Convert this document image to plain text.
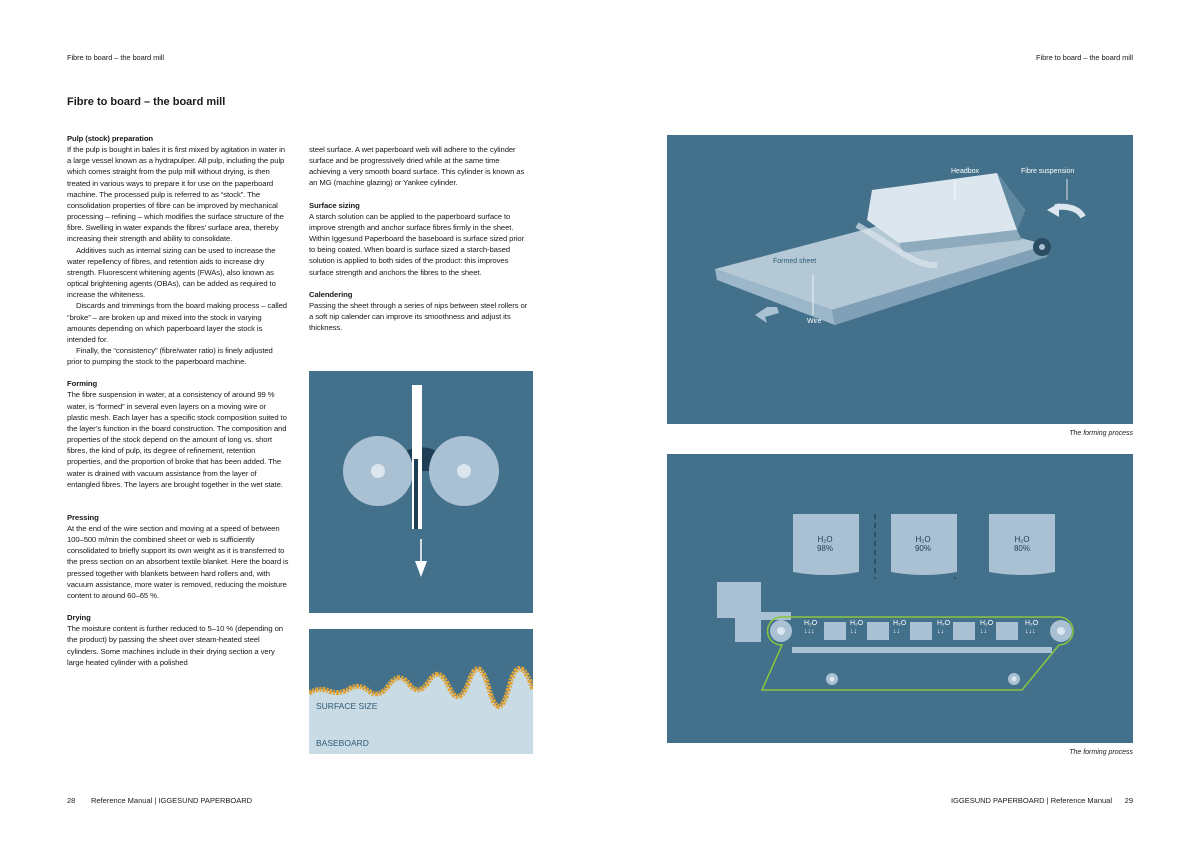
Fibre to board – the board mill	Fibre to board – the board mill
Fibre to board – the board mill
Pulp (stock) preparation

If the pulp is bought in bales it is first mixed by agitation in water in a large vessel known as a hydrapulper. All pulp, including the pulp which comes straight from the pulp mill without drying, is then treated in various ways to prepare it for use on the paperboard machine. The processed pulp is referred to as “stock”. The consolidation properties of fibre can be improved by mechanical processing – refining – which modifies the surface structure of the fibre. Swelling in water expands the fibres’ surface area, thereby increasing their strength and ability to consolidate.

Additives such as internal sizing can be used to increase the water repellency of fibres, and retention aids to increase dry strength. Fluorescent whitening agents (FWAs), also known as optical brightening agents (OBAs), can be added as required to increase the whiteness.

Discards and trimmings from the board making process – called “broke” – are broken up and mixed into the stock in varying amounts depending on which paperboard layer the stock is intended for.

Finally, the “consistency” (fibre/water ratio) is finely adjusted prior to pumping the stock to the paperboard machine.

Forming

The fibre suspension in water, at a consistency of around 99 % water, is “formed” in several even layers on a moving wire or plastic mesh. Each layer has a specific stock composition suited to the layer’s function in the board construction. The composition and properties of the stock depend on the amount of long vs. short fibres, the kind of pulp, its degree of refinement, retention properties, and the proportion of broke that has been added. The water is drained with vacuum assistance from the layer of entangled fibres. The layers are brought together in the wet state.

Pressing

At the end of the wire section and moving at a speed of between 100–500 m/min the combined sheet or web is sufficiently consolidated to briefly support its own weight as it is transferred to the press section on an absorbent textile blanket. Here the board is pressed together with blankets between hard rollers and, with vacuum assistance, more water is removed, reducing the moisture content to around 60–65 %.

Drying

The moisture content is further reduced to 5–10 % (depending on the product) by passing the sheet over steam-heated steel cylinders. Some machines include in their drying section a very large heated cylinder with a polished

steel surface. A wet paperboard web will adhere to the cylinder surface and be progressively dried while at the same time achieving a very smooth board surface. This cylinder is known as an MG (machine glazing) or Yankee cylinder.

Surface sizing

A starch solution can be applied to the paperboard surface to improve strength and anchor surface fibres firmly in the sheet. Within Iggesund Paperboard the baseboard is surface sized prior to being coated. When board is surface sized a starch-based solution is applied to both sides of the product: this improves surface strength and anchors the fibres to the sheet.

Calendering

Passing the sheet through a series of nips between steel rollers or a soft nip calender can improve its smoothness and adjust its thickness.

SURFACE SIZE
BASEBOARD
Headbox	Fibre suspension
Formed sheet
Wire
The forming process
H₂O
98%
H₂O
90%
H₂O
80%
H₂O
↓↓↓
H₂O
↓↓
H₂O
↓↓
H₂O
↓↓
H₂O
↓↓
H₂O
↓↓↓
The forming process
28 Reference Manual | IGGESUND PAPERBOARD	IGGESUND PAPERBOARD | Reference Manual 29
